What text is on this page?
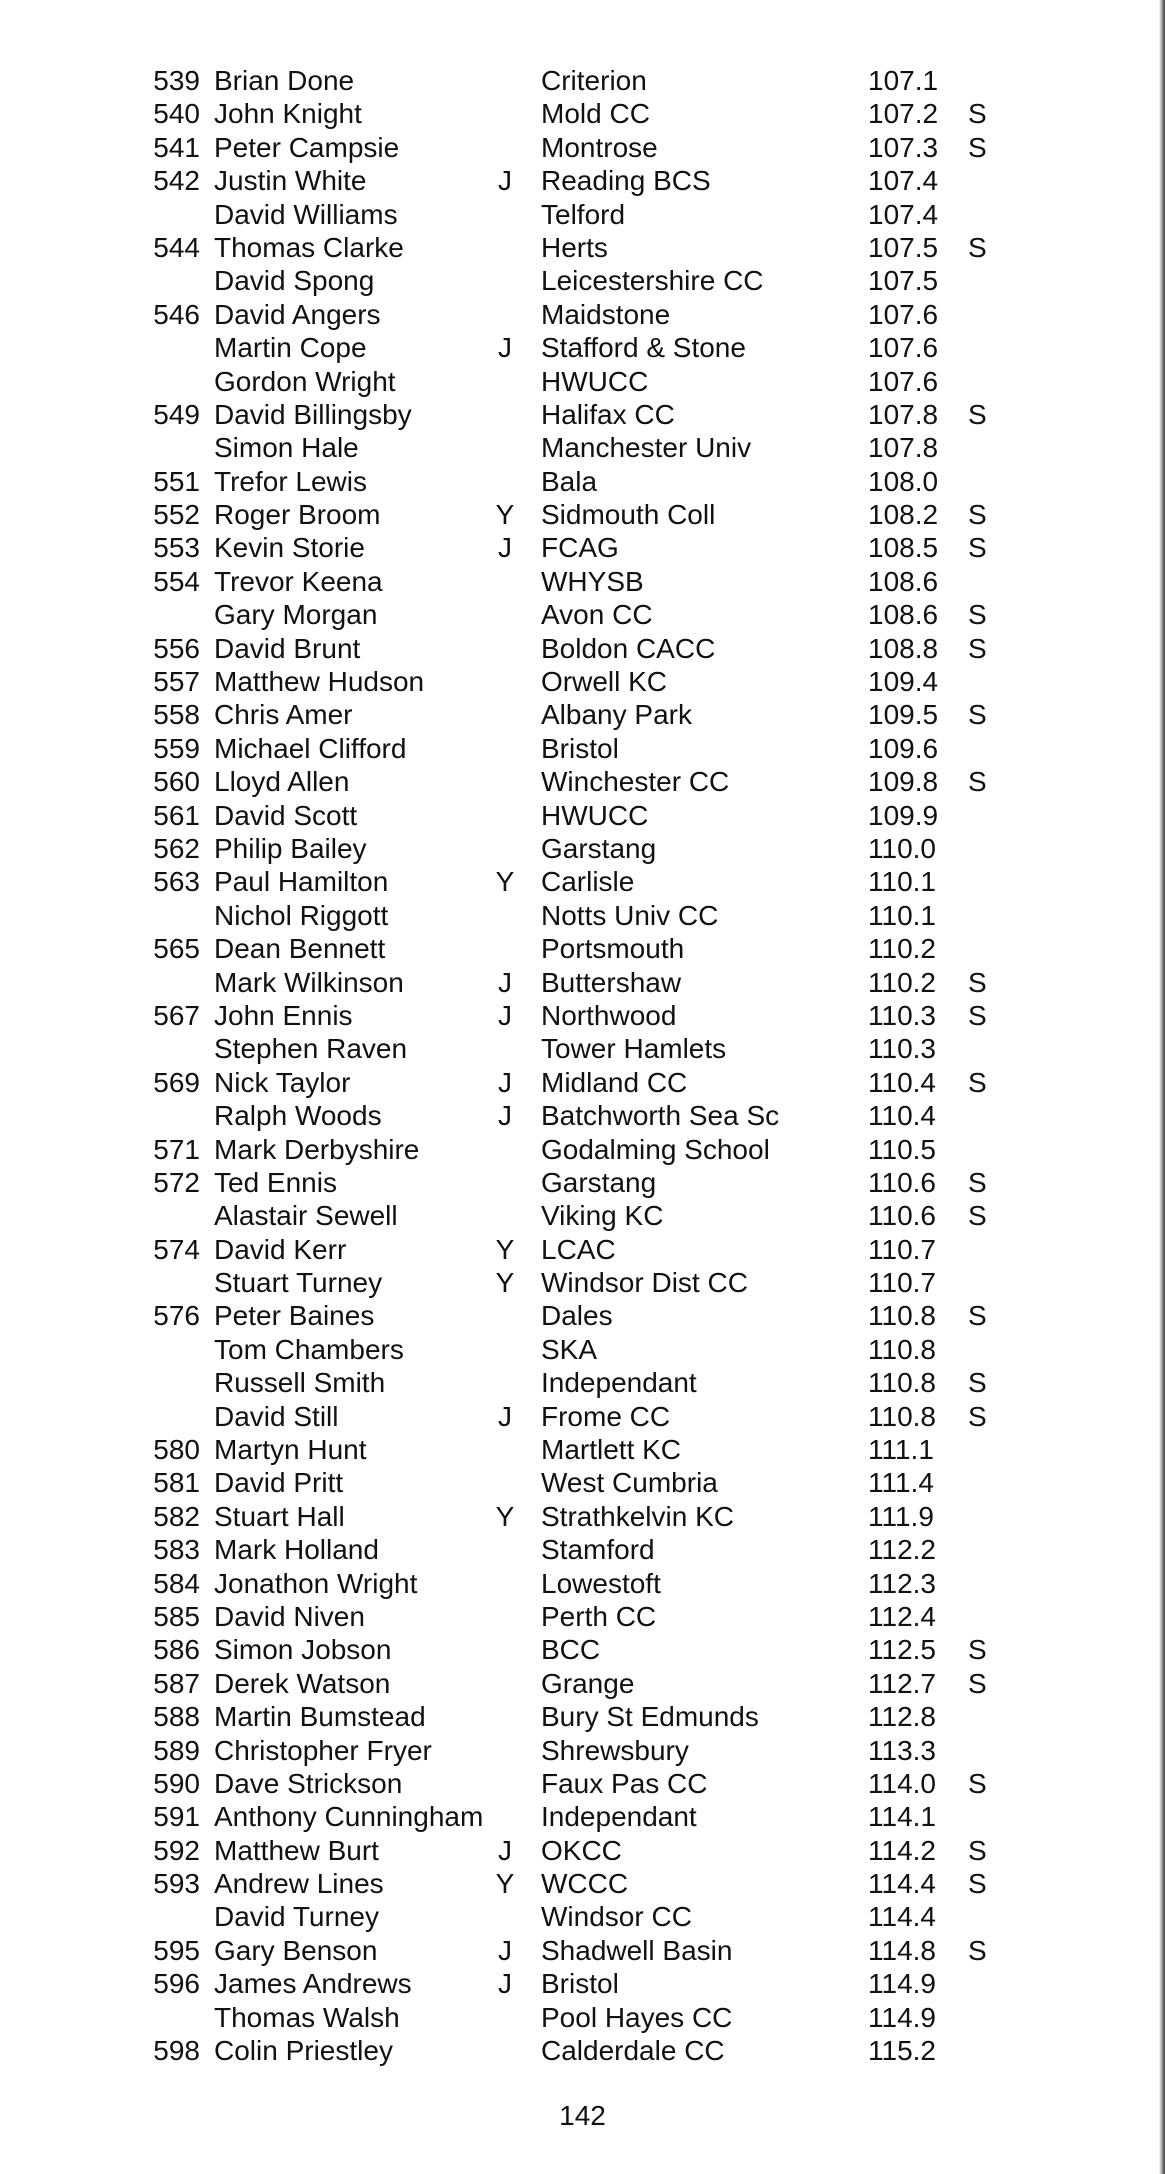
539 Brian Done	Criterion	107.1
540 John Knight	Mold CC	107.2 S
541 Peter Campsie	Montrose	107.3 S
542 Justin White	J Reading BCS	107.4
David Williams	Telford	107.4
544 Thomas Clarke	Herts	107.5 S
David Spong	Leicestershire CC	107.5
546 David Angers	Maidstone	107.6
Martin Cope	J Stafford & Stone	107.6
Gordon Wright	HWUCC	107.6
549 David Billingsby	Halifax CC	107.8 S
Simon Hale	Manchester Univ	107.8
551 Trefor Lewis	Bala	108.0
552 Roger Broom	Y Sidmouth Coll	108.2 S
553 Kevin Storie	J FCAG	108.5 S
554 Trevor Keena	WHYSB	108.6
Gary Morgan	Avon CC	108.6 S
556 David Brunt	Boldon CACC	108.8 S
557 Matthew Hudson	Orwell KC	109.4
558 Chris Amer	Albany Park	109.5 S
559 Michael Clifford	Bristol	109.6
560 Lloyd Allen	Winchester CC	109.8 S
561 David Scott	HWUCC	109.9
562 Philip Bailey	Garstang	110.0
563 Paul Hamilton	Y Carlisle	110.1
Nichol Riggott	Notts Univ CC	110.1
565 Dean Bennett	Portsmouth	110.2
Mark Wilkinson	J Buttershaw	110.2 S
567 John Ennis	J Northwood	110.3 S
Stephen Raven	Tower Hamlets	110.3
569 Nick Taylor	J Midland CC	110.4 S
Ralph Woods	J Batchworth Sea Sc	110.4
571 Mark Derbyshire	Godalming School	110.5
572 Ted Ennis	Garstang	110.6 S
Alastair Sewell	Viking KC	110.6 S
574 David Kerr	Y LCAC	110.7
Stuart Turney	Y Windsor Dist CC	110.7
576 Peter Baines	Dales	110.8 S
Tom Chambers	SKA	110.8
Russell Smith	Independant	110.8 S
David Still	J Frome CC	110.8 S
580 Martyn Hunt	Martlett KC	111.1
581 David Pritt	West Cumbria	111.4
582 Stuart Hall	Y Strathkelvin KC	111.9
583 Mark Holland	Stamford	112.2
584 Jonathon Wright	Lowestoft	112.3
585 David Niven	Perth CC	112.4
586 Simon Jobson	BCC	112.5 S
587 Derek Watson	Grange	112.7 S
588 Martin Bumstead	Bury St Edmunds	112.8
589 Christopher Fryer	Shrewsbury	113.3
590 Dave Strickson	Faux Pas CC	114.0 S
591 Anthony Cunningham Independant	114.1
592 Matthew Burt	J OKCC	114.2 S
593 Andrew Lines	Y WCCC	114.4 S
David Turney	Windsor CC	114.4
595 Gary Benson	J Shadwell Basin	114.8 S
596 James Andrews	J Bristol	114.9
Thomas Walsh	Pool Hayes CC	114.9
598 Colin Priestley	Calderdale CC	115.2
142
